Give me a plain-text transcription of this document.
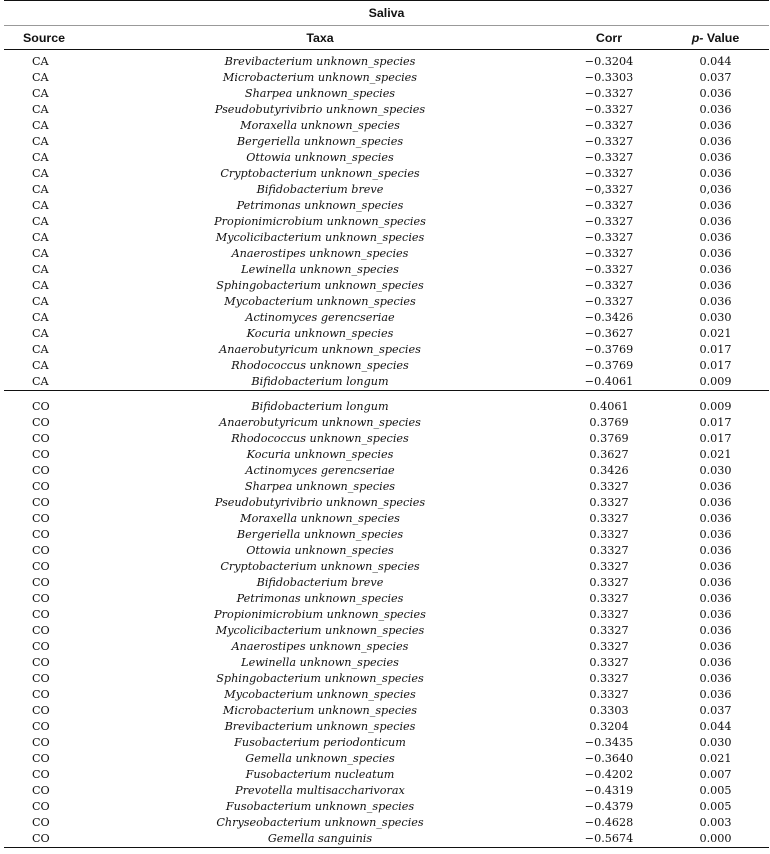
Saliva			
Source	Taxa	Corr	p- Value
CA	Brevibacterium unknown_species	−0.3204	0.044
CA	Microbacterium unknown_species	−0.3303	0.037
CA	Sharpea unknown_species	−0.3327	0.036
CA	Pseudobutyrivibrio unknown_species	−0.3327	0.036
CA	Moraxella unknown_species	−0.3327	0.036
CA	Bergeriella unknown_species	−0.3327	0.036
CA	Ottowia unknown_species	−0.3327	0.036
CA	Cryptobacterium unknown_species	−0.3327	0.036
CA	Bifidobacterium breve	−0,3327	0,036
CA	Petrimonas unknown_species	−0.3327	0.036
CA	Propionimicrobium unknown_species	−0.3327	0.036
CA	Mycolicibacterium unknown_species	−0.3327	0.036
CA	Anaerostipes unknown_species	−0.3327	0.036
CA	Lewinella unknown_species	−0.3327	0.036
CA	Sphingobacterium unknown_species	−0.3327	0.036
CA	Mycobacterium unknown_species	−0.3327	0.036
CA	Actinomyces gerencseriae	−0.3426	0.030
CA	Kocuria unknown_species	−0.3627	0.021
CA	Anaerobutyricum unknown_species	−0.3769	0.017
CA	Rhodococcus unknown_species	−0.3769	0.017
CA	Bifidobacterium longum	−0.4061	0.009

CO	Bifidobacterium longum	0.4061	0.009
CO	Anaerobutyricum unknown_species	0.3769	0.017
CO	Rhodococcus unknown_species	0.3769	0.017
CO	Kocuria unknown_species	0.3627	0.021
CO	Actinomyces gerencseriae	0.3426	0.030
CO	Sharpea unknown_species	0.3327	0.036
CO	Pseudobutyrivibrio unknown_species	0.3327	0.036
CO	Moraxella unknown_species	0.3327	0.036
CO	Bergeriella unknown_species	0.3327	0.036
CO	Ottowia unknown_species	0.3327	0.036
CO	Cryptobacterium unknown_species	0.3327	0.036
CO	Bifidobacterium breve	0.3327	0.036
CO	Petrimonas unknown_species	0.3327	0.036
CO	Propionimicrobium unknown_species	0.3327	0.036
CO	Mycolicibacterium unknown_species	0.3327	0.036
CO	Anaerostipes unknown_species	0.3327	0.036
CO	Lewinella unknown_species	0.3327	0.036
CO	Sphingobacterium unknown_species	0.3327	0.036
CO	Mycobacterium unknown_species	0.3327	0.036
CO	Microbacterium unknown_species	0.3303	0.037
CO	Brevibacterium unknown_species	0.3204	0.044
CO	Fusobacterium periodonticum	−0.3435	0.030
CO	Gemella unknown_species	−0.3640	0.021
CO	Fusobacterium nucleatum	−0.4202	0.007
CO	Prevotella multisaccharivorax	−0.4319	0.005
CO	Fusobacterium unknown_species	−0.4379	0.005
CO	Chryseobacterium unknown_species	−0.4628	0.003
CO	Gemella sanguinis	−0.5674	0.000
